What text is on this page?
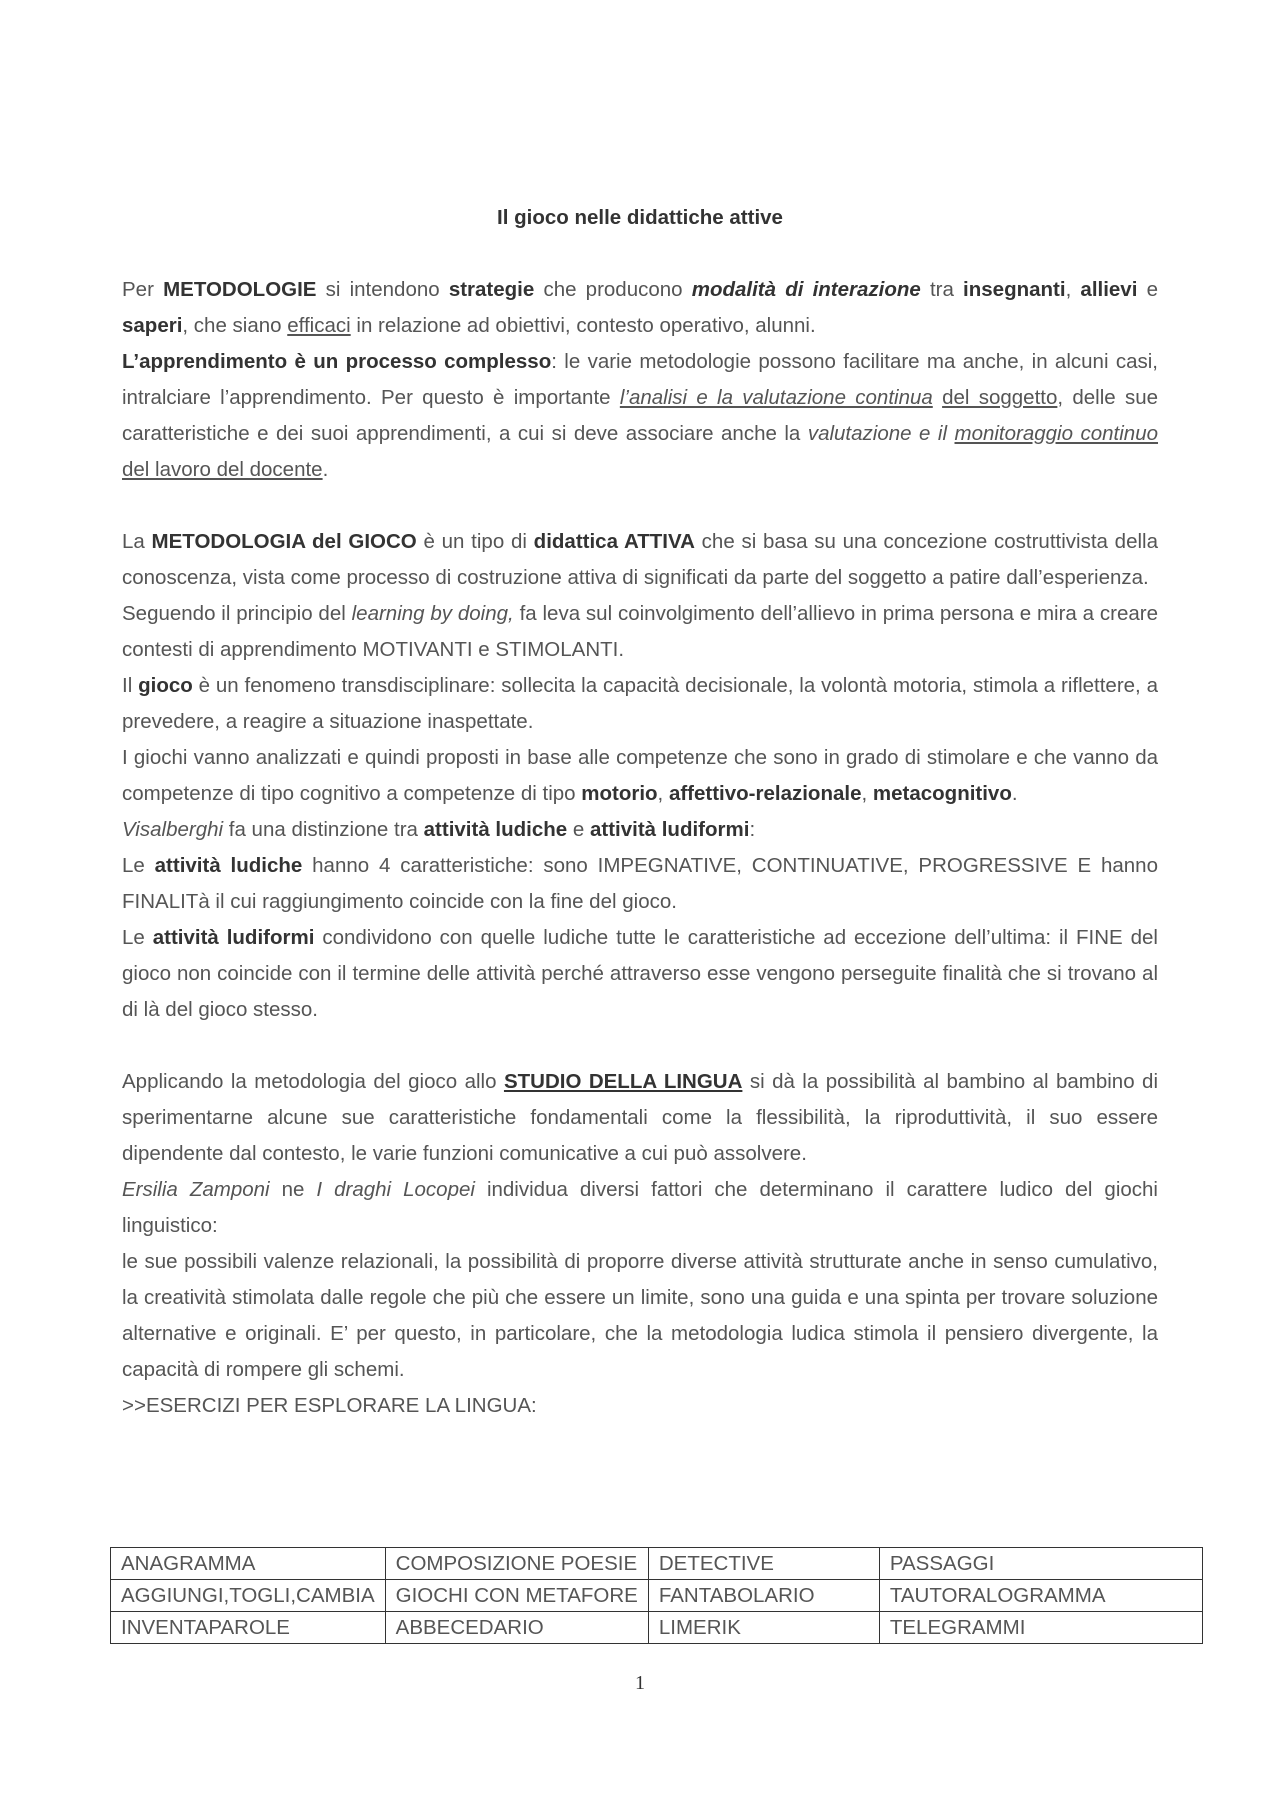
Il gioco nelle didattiche attive

Per METODOLOGIE si intendono strategie che producono modalità di interazione tra insegnanti, allievi e saperi, che siano efficaci in relazione ad obiettivi, contesto operativo, alunni.

L’apprendimento è un processo complesso: le varie metodologie possono facilitare ma anche, in alcuni casi, intralciare l’apprendimento. Per questo è importante l’analisi e la valutazione continua del soggetto, delle sue caratteristiche e dei suoi apprendimenti, a cui si deve associare anche la valutazione e il monitoraggio continuo del lavoro del docente.

La METODOLOGIA del GIOCO è un tipo di didattica ATTIVA che si basa su una concezione costruttivista della conoscenza, vista come processo di costruzione attiva di significati da parte del soggetto a patire dall’esperienza.

Seguendo il principio del learning by doing, fa leva sul coinvolgimento dell’allievo in prima persona e mira a creare contesti di apprendimento MOTIVANTI e STIMOLANTI.

Il gioco è un fenomeno transdisciplinare: sollecita la capacità decisionale, la volontà motoria, stimola a riflettere, a prevedere, a reagire a situazione inaspettate.

I giochi vanno analizzati e quindi proposti in base alle competenze che sono in grado di stimolare e che vanno da competenze di tipo cognitivo a competenze di tipo motorio, affettivo-relazionale, metacognitivo.

Visalberghi fa una distinzione tra attività ludiche e attività ludiformi:

Le attività ludiche hanno 4 caratteristiche: sono IMPEGNATIVE, CONTINUATIVE, PROGRESSIVE E hanno FINALITà il cui raggiungimento coincide con la fine del gioco.

Le attività ludiformi condividono con quelle ludiche tutte le caratteristiche ad eccezione dell’ultima: il FINE del gioco non coincide con il termine delle attività perché attraverso esse vengono perseguite finalità che si trovano al di là del gioco stesso.

Applicando la metodologia del gioco allo STUDIO DELLA LINGUA si dà la possibilità al bambino al bambino di sperimentarne alcune sue caratteristiche fondamentali come la flessibilità, la riproduttività, il suo essere dipendente dal contesto, le varie funzioni comunicative a cui può assolvere.

Ersilia Zamponi ne I draghi Locopei individua diversi fattori che determinano il carattere ludico del giochi linguistico:

le sue possibili valenze relazionali, la possibilità di proporre diverse attività strutturate anche in senso cumulativo, la creatività stimolata dalle regole che più che essere un limite, sono una guida e una spinta per trovare soluzione alternative e originali. E’ per questo, in particolare, che la metodologia ludica stimola il pensiero divergente, la capacità di rompere gli schemi.

>>ESERCIZI PER ESPLORARE LA LINGUA:

ANAGRAMMA	COMPOSIZIONE POESIE	DETECTIVE	PASSAGGI
AGGIUNGI,TOGLI,CAMBIA	GIOCHI CON METAFORE	FANTABOLARIO	TAUTORALOGRAMMA
INVENTAPAROLE	ABBECEDARIO	LIMERIK	TELEGRAMMI
1
